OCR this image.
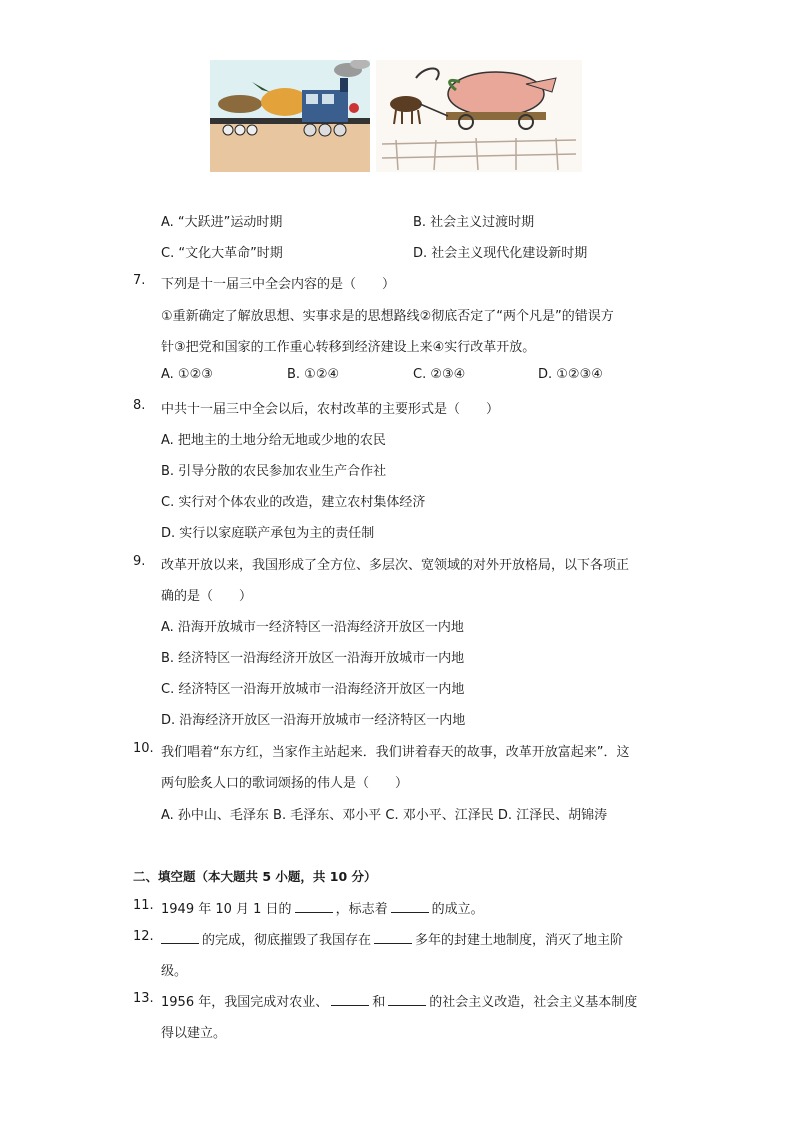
A. “大跃进”运动时期	B. 社会主义过渡时期
C. “文化大革命”时期	D. 社会主义现代化建设新时期
7. 下列是十一届三中全会内容的是（　　）
①重新确定了解放思想、实事求是的思想路线②彻底否定了“两个凡是”的错误方
针③把党和国家的工作重心转移到经济建设上来④实行改革开放。
A. ①②③	B. ①②④	C. ②③④	D. ①②③④
8. 中共十一届三中全会以后，农村改革的主要形式是（　　）
A. 把地主的土地分给无地或少地的农民
B. 引导分散的农民参加农业生产合作社
C. 实行对个体农业的改造，建立农村集体经济
D. 实行以家庭联产承包为主的责任制
9. 改革开放以来，我国形成了全方位、多层次、宽领域的对外开放格局，以下各项正
确的是（　　）
A. 沿海开放城市一经济特区一沿海经济开放区一内地
B. 经济特区一沿海经济开放区一沿海开放城市一内地
C. 经济特区一沿海开放城市一沿海经济开放区一内地
D. 沿海经济开放区一沿海开放城市一经济特区一内地
10. 我们唱着“东方红，当家作主站起来．我们讲着春天的故事，改革开放富起来”．这
两句脍炙人口的歌词颂扬的伟人是（　　）
A. 孙中山、毛泽东 B. 毛泽东、邓小平 C. 邓小平、江泽民 D. 江泽民、胡锦涛
二、填空题（本大题共 5 小题，共 10 分）
11. 1949 年 10 月 1 日的	，标志着	的成立。
12.	的完成，彻底摧毁了我国存在	多年的封建土地制度，消灭了地主阶
级。
13. 1956 年，我国完成对农业、	和	的社会主义改造，社会主义基本制度
得以建立。
